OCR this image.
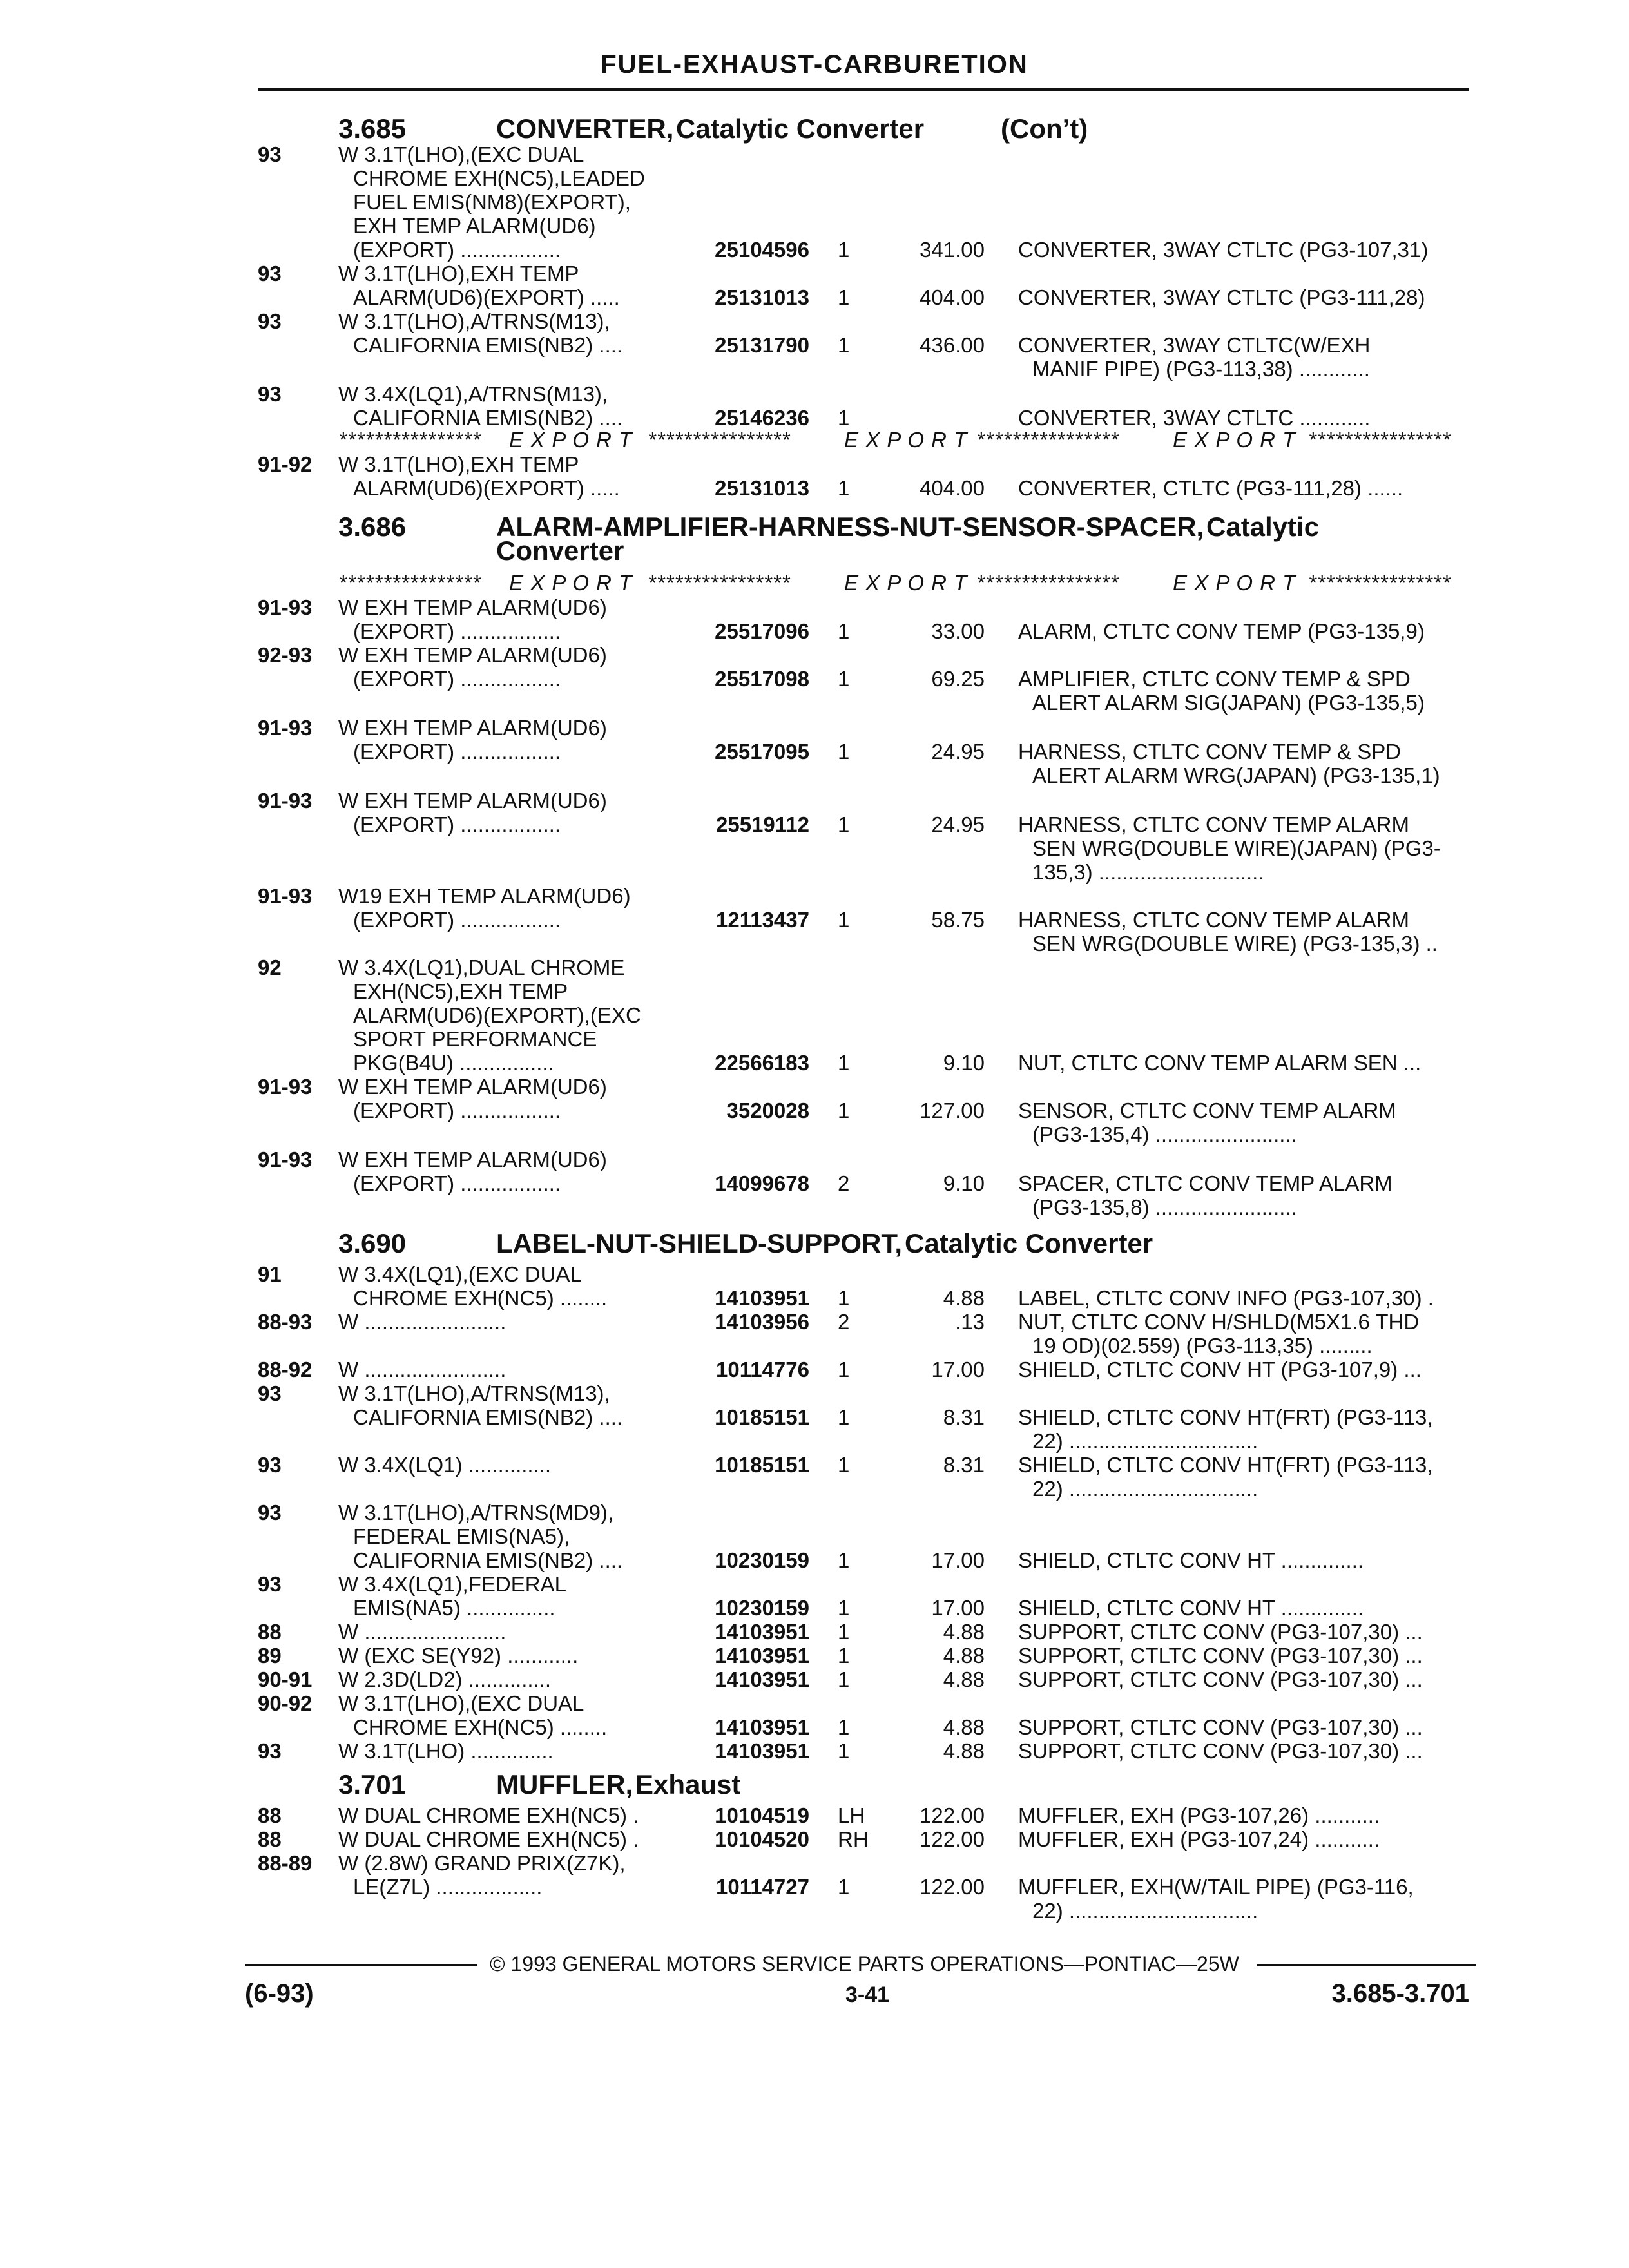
FUEL-EXHAUST-CARBURETION
3.685	CONVERTER, Catalytic Converter	(Con’t)
93	W 3.1T(LHO),(EXC DUAL
CHROME EXH(NC5),LEADED
FUEL EMIS(NM8)(EXPORT),
EXH TEMP ALARM(UD6)
(EXPORT) .................	25104596 1	341.00 CONVERTER, 3WAY CTLTC (PG3-107,31)
93	W 3.1T(LHO),EXH TEMP
ALARM(UD6)(EXPORT) .....	25131013 1	404.00 CONVERTER, 3WAY CTLTC (PG3-111,28)
93	W 3.1T(LHO),A/TRNS(M13),
CALIFORNIA EMIS(NB2) ....	25131790 1	436.00 CONVERTER, 3WAY CTLTC(W/EXH
MANIF PIPE) (PG3-113,38) ............
93	W 3.4X(LQ1),A/TRNS(M13),
CALIFORNIA EMIS(NB2) ....	25146236 1	CONVERTER, 3WAY CTLTC ............
**************** E X P O R T ****************	E X P O R T ****************	E X P O R T ****************
91-92 W 3.1T(LHO),EXH TEMP
ALARM(UD6)(EXPORT) .....	25131013 1	404.00 CONVERTER, CTLTC (PG3-111,28) ......
3.686	ALARM-AMPLIFIER-HARNESS-NUT-SENSOR-SPACER, Catalytic
Converter
**************** E X P O R T ****************	E X P O R T ****************	E X P O R T ****************
91-93 W EXH TEMP ALARM(UD6)
(EXPORT) .................	25517096 1	33.00 ALARM, CTLTC CONV TEMP (PG3-135,9)
92-93 W EXH TEMP ALARM(UD6)
(EXPORT) .................	25517098 1	69.25 AMPLIFIER, CTLTC CONV TEMP & SPD
ALERT ALARM SIG(JAPAN) (PG3-135,5)
91-93 W EXH TEMP ALARM(UD6)
(EXPORT) .................	25517095 1	24.95 HARNESS, CTLTC CONV TEMP & SPD
ALERT ALARM WRG(JAPAN) (PG3-135,1)
91-93 W EXH TEMP ALARM(UD6)
(EXPORT) .................	25519112 1	24.95 HARNESS, CTLTC CONV TEMP ALARM
SEN WRG(DOUBLE WIRE)(JAPAN) (PG3-
135,3) ............................
91-93 W19 EXH TEMP ALARM(UD6)
(EXPORT) .................	12113437 1	58.75 HARNESS, CTLTC CONV TEMP ALARM
SEN WRG(DOUBLE WIRE) (PG3-135,3) ..
92	W 3.4X(LQ1),DUAL CHROME
EXH(NC5),EXH TEMP
ALARM(UD6)(EXPORT),(EXC
SPORT PERFORMANCE
PKG(B4U) ................	22566183 1	9.10 NUT, CTLTC CONV TEMP ALARM SEN ...
91-93 W EXH TEMP ALARM(UD6)
(EXPORT) .................	3520028 1	127.00 SENSOR, CTLTC CONV TEMP ALARM
(PG3-135,4) ........................
91-93 W EXH TEMP ALARM(UD6)
(EXPORT) .................	14099678 2	9.10 SPACER, CTLTC CONV TEMP ALARM
(PG3-135,8) ........................
3.690	LABEL-NUT-SHIELD-SUPPORT, Catalytic Converter
91	W 3.4X(LQ1),(EXC DUAL
CHROME EXH(NC5) ........	14103951 1	4.88 LABEL, CTLTC CONV INFO (PG3-107,30) .
88-93 W ........................	14103956 2	.13 NUT, CTLTC CONV H/SHLD(M5X1.6 THD
19 OD)(02.559) (PG3-113,35) .........
88-92 W ........................	10114776 1	17.00 SHIELD, CTLTC CONV HT (PG3-107,9) ...
93	W 3.1T(LHO),A/TRNS(M13),
CALIFORNIA EMIS(NB2) ....	10185151 1	8.31 SHIELD, CTLTC CONV HT(FRT) (PG3-113,
22) ................................
93	W 3.4X(LQ1) ..............	10185151 1	8.31 SHIELD, CTLTC CONV HT(FRT) (PG3-113,
22) ................................
93	W 3.1T(LHO),A/TRNS(MD9),
FEDERAL EMIS(NA5),
CALIFORNIA EMIS(NB2) ....	10230159 1	17.00 SHIELD, CTLTC CONV HT ..............
93	W 3.4X(LQ1),FEDERAL
EMIS(NA5) ...............	10230159 1	17.00 SHIELD, CTLTC CONV HT ..............
88	W ........................	14103951 1	4.88 SUPPORT, CTLTC CONV (PG3-107,30) ...
89	W (EXC SE(Y92) ............	14103951 1	4.88 SUPPORT, CTLTC CONV (PG3-107,30) ...
90-91 W 2.3D(LD2) ..............	14103951 1	4.88 SUPPORT, CTLTC CONV (PG3-107,30) ...
90-92 W 3.1T(LHO),(EXC DUAL
CHROME EXH(NC5) ........	14103951 1	4.88 SUPPORT, CTLTC CONV (PG3-107,30) ...
93	W 3.1T(LHO) ..............	14103951 1	4.88 SUPPORT, CTLTC CONV (PG3-107,30) ...
3.701	MUFFLER, Exhaust
88	W DUAL CHROME EXH(NC5) .	10104519 LH	122.00 MUFFLER, EXH (PG3-107,26) ...........
88	W DUAL CHROME EXH(NC5) .	10104520 RH 122.00 MUFFLER, EXH (PG3-107,24) ...........
88-89 W (2.8W) GRAND PRIX(Z7K),
LE(Z7L) ..................	10114727 1	122.00 MUFFLER, EXH(W/TAIL PIPE) (PG3-116,
22) ................................
© 1993 GENERAL MOTORS SERVICE PARTS OPERATIONS—PONTIAC—25W
(6-93)	3-41	3.685-3.701
